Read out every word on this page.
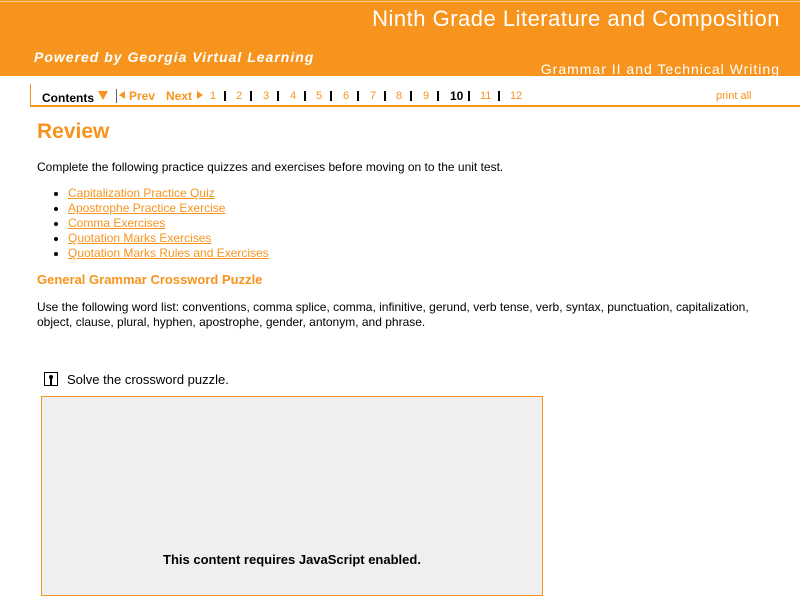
Ninth Grade Literature and Composition
Powered by Georgia Virtual Learning
Grammar II and Technical Writing
Contents	Prev Next	1 2 3 4 5 6 7 8 9 10 11 12	print all
Review
Complete the following practice quizzes and exercises before moving on to the unit test.
• Capitalization Practice Quiz
• Apostrophe Practice Exercise
• Comma Exercises
• Quotation Marks Exercises
• Quotation Marks Rules and Exercises
General Grammar Crossword Puzzle
Use the following word list: conventions, comma splice, comma, infinitive, gerund, verb tense, verb, syntax, punctuation, capitalization, object, clause, plural, hyphen, apostrophe, gender, antonym, and phrase.
Solve the crossword puzzle.
This content requires JavaScript enabled.
